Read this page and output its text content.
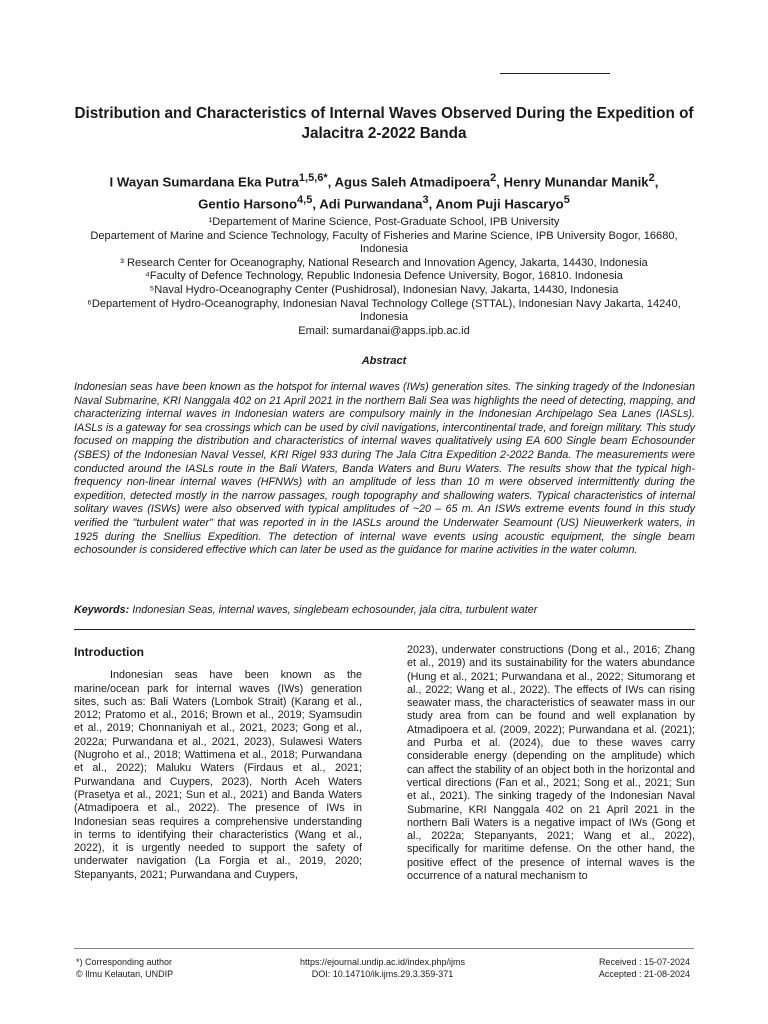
Distribution and Characteristics of Internal Waves Observed During the Expedition of Jalacitra 2-2022 Banda
I Wayan Sumardana Eka Putra$^{1,5,6*}$, Agus Saleh Atmadipoera$^2$, Henry Munandar Manik$^2$,
Gentio Harsono$^{4,5}$, Adi Purwandana$^3$, Anom Puji Hascaryo$^5$
¹Departement of Marine Science, Post-Graduate School, IPB University
Departement of Marine and Science Technology, Faculty of Fisheries and Marine Science, IPB University Bogor, 16680, Indonesia
³ Research Center for Oceanography, National Research and Innovation Agency, Jakarta, 14430, Indonesia
⁴Faculty of Defence Technology, Republic Indonesia Defence University, Bogor, 16810. Indonesia
⁵Naval Hydro-Oceanography Center (Pushidrosal), Indonesian Navy, Jakarta, 14430, Indonesia
⁶Departement of Hydro-Oceanography, Indonesian Naval Technology College (STTAL), Indonesian Navy Jakarta, 14240, Indonesia
Email: sumardanai@apps.ipb.ac.id
Abstract
Indonesian seas have been known as the hotspot for internal waves (IWs) generation sites. The sinking tragedy of the Indonesian Naval Submarine, KRI Nanggala 402 on 21 April 2021 in the northern Bali Sea was highlights the need of detecting, mapping, and characterizing internal waves in Indonesian waters are compulsory mainly in the Indonesian Archipelago Sea Lanes (IASLs). IASLs is a gateway for sea crossings which can be used by civil navigations, intercontinental trade, and foreign military. This study focused on mapping the distribution and characteristics of internal waves qualitatively using EA 600 Single beam Echosounder (SBES) of the Indonesian Naval Vessel, KRI Rigel 933 during The Jala Citra Expedition 2-2022 Banda. The measurements were conducted around the IASLs route in the Bali Waters, Banda Waters and Buru Waters. The results show that the typical high-frequency non-linear internal waves (HFNWs) with an amplitude of less than 10 m were observed intermittently during the expedition, detected mostly in the narrow passages, rough topography and shallowing waters. Typical characteristics of internal solitary waves (ISWs) were also observed with typical amplitudes of ~20 – 65 m. An ISWs extreme events found in this study verified the "turbulent water" that was reported in in the IASLs around the Underwater Seamount (US) Nieuwerkerk waters, in 1925 during the Snellius Expedition. The detection of internal wave events using acoustic equipment, the single beam echosounder is considered effective which can later be used as the guidance for marine activities in the water column.
Keywords: Indonesian Seas, internal waves, singlebeam echosounder, jala citra, turbulent water
Introduction
Indonesian seas have been known as the marine/ocean park for internal waves (IWs) generation sites, such as: Bali Waters (Lombok Strait) (Karang et al., 2012; Pratomo et al., 2016; Brown et al., 2019; Syamsudin et al., 2019; Chonnaniyah et al., 2021, 2023; Gong et al., 2022a; Purwandana et al., 2021, 2023), Sulawesi Waters (Nugroho et al., 2018; Wattimena et al., 2018; Purwandana et al., 2022); Maluku Waters (Firdaus et al., 2021; Purwandana and Cuypers, 2023), North Aceh Waters (Prasetya et al., 2021; Sun et al., 2021) and Banda Waters (Atmadipoera et al., 2022). The presence of IWs in Indonesian seas requires a comprehensive understanding in terms to identifying their characteristics (Wang et al., 2022), it is urgently needed to support the safety of underwater navigation (La Forgia et al., 2019, 2020; Stepanyants, 2021; Purwandana and Cuypers,
2023), underwater constructions (Dong et al., 2016; Zhang et al., 2019) and its sustainability for the waters abundance (Hung et al., 2021; Purwandana et al., 2022; Situmorang et al., 2022; Wang et al., 2022). The effects of IWs can rising seawater mass, the characteristics of seawater mass in our study area from can be found and well explanation by Atmadipoera et al. (2009, 2022); Purwandana et al. (2021); and Purba et al. (2024), due to these waves carry considerable energy (depending on the amplitude) which can affect the stability of an object both in the horizontal and vertical directions (Fan et al., 2021; Song et al., 2021; Sun et al., 2021). The sinking tragedy of the Indonesian Naval Submarine, KRI Nanggala 402 on 21 April 2021 in the northern Bali Waters is a negative impact of IWs (Gong et al., 2022a; Stepanyants, 2021; Wang et al., 2022), specifically for maritime defense. On the other hand, the positive effect of the presence of internal waves is the occurrence of a natural mechanism to
*) Corresponding author
© Ilmu Kelautan, UNDIP
https://ejournal.undip.ac.id/index.php/ijms
DOI: 10.14710/ik.ijms.29.3.359-371
Received : 15-07-2024
Accepted : 21-08-2024
